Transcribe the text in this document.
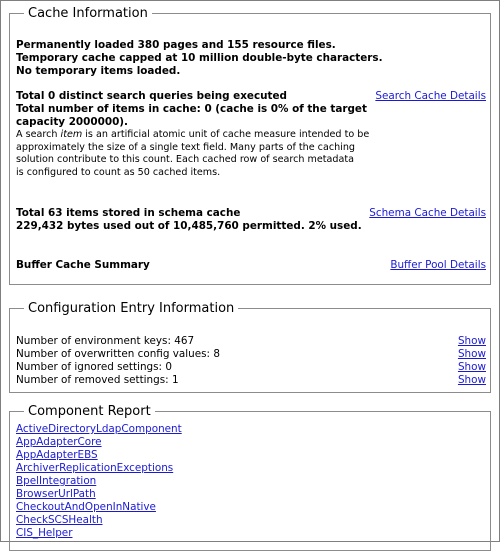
Cache Information
Permanently loaded 380 pages and 155 resource files.
Temporary cache capped at 10 million double-byte characters.
No temporary items loaded.
Total 0 distinct search queries being executed	Search Cache Details
Total number of items in cache: 0 (cache is 0% of the target
capacity 2000000).
A search item is an artificial atomic unit of cache measure intended to be
approximately the size of a single text field. Many parts of the caching
solution contribute to this count. Each cached row of search metadata
is configured to count as 50 cached items.
Total 63 items stored in schema cache	Schema Cache Details
229,432 bytes used out of 10,485,760 permitted. 2% used.
Buffer Cache Summary	Buffer Pool Details
Configuration Entry Information
Number of environment keys: 467	Show
Number of overwritten config values: 8	Show
Number of ignored settings: 0	Show
Number of removed settings: 1	Show
Component Report
ActiveDirectoryLdapComponent
AppAdapterCore
AppAdapterEBS
ArchiverReplicationExceptions
BpelIntegration
BrowserUrlPath
CheckoutAndOpenInNative
CheckSCSHealth
CIS_Helper
